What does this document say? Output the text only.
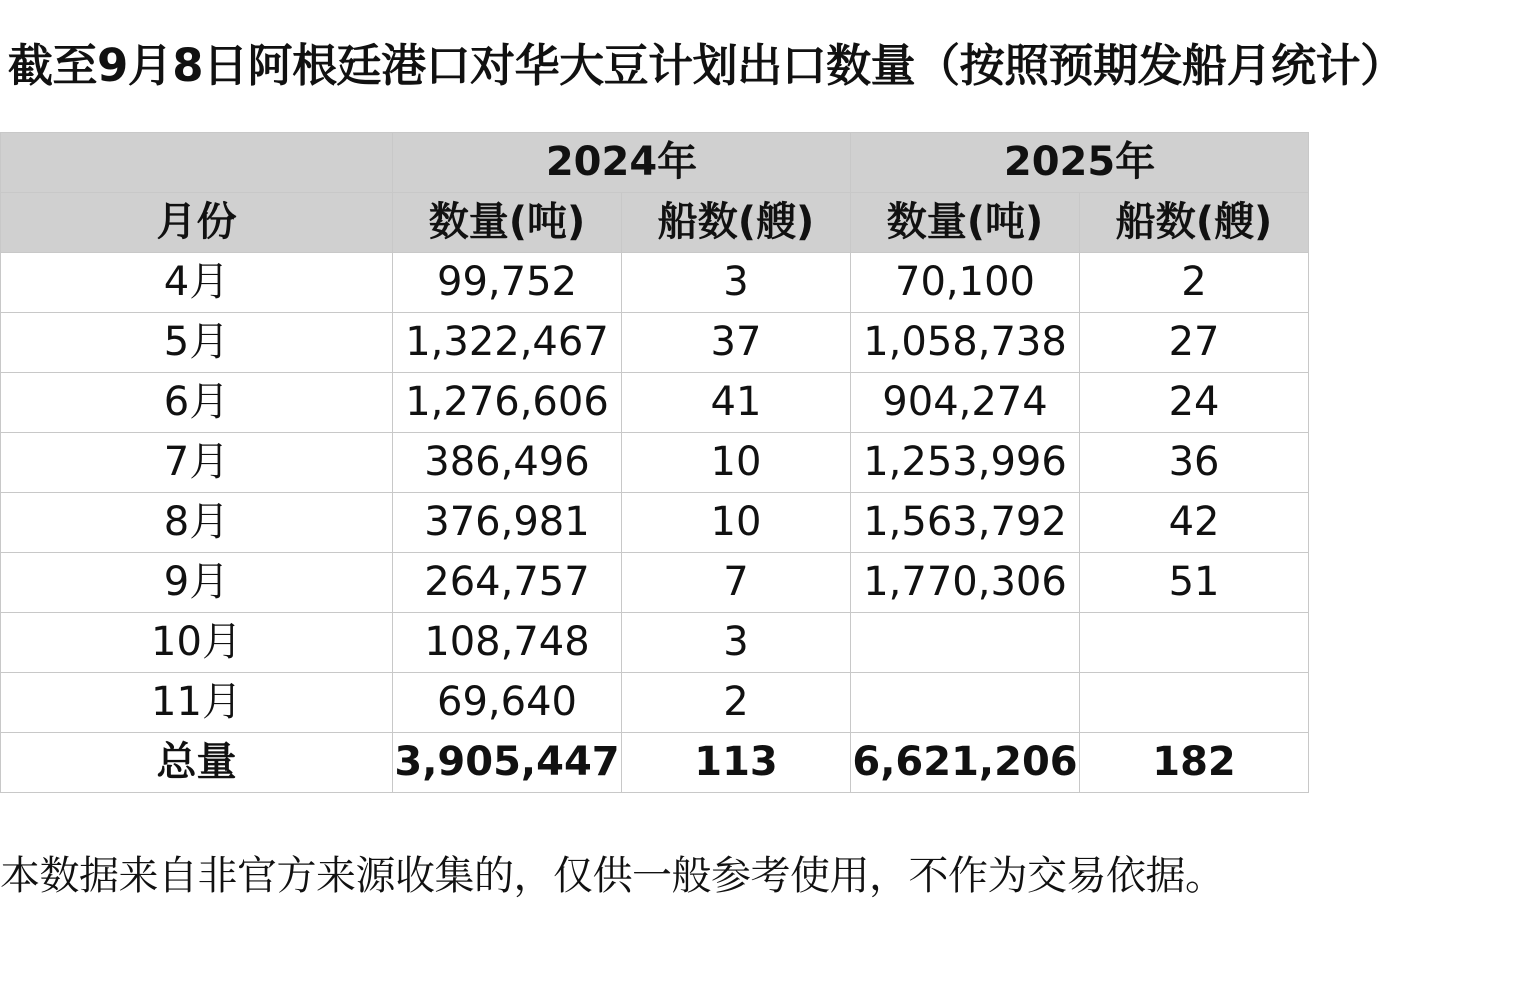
截至9月8日阿根廷港口对华大豆计划出口数量（按照预期发船月统计）
	2024年		2025年	
月份	数量(吨)	船数(艘)	数量(吨)	船数(艘)
4月	99,752	3	70,100	2
5月	1,322,467	37	1,058,738	27
6月	1,276,606	41	904,274	24
7月	386,496	10	1,253,996	36
8月	376,981	10	1,563,792	42
9月	264,757	7	1,770,306	51
10月	108,748	3		
11月	69,640	2		
总量	3,905,447	113	6,621,206	182

本数据来自非官方来源收集的，仅供一般参考使用，不作为交易依据。
